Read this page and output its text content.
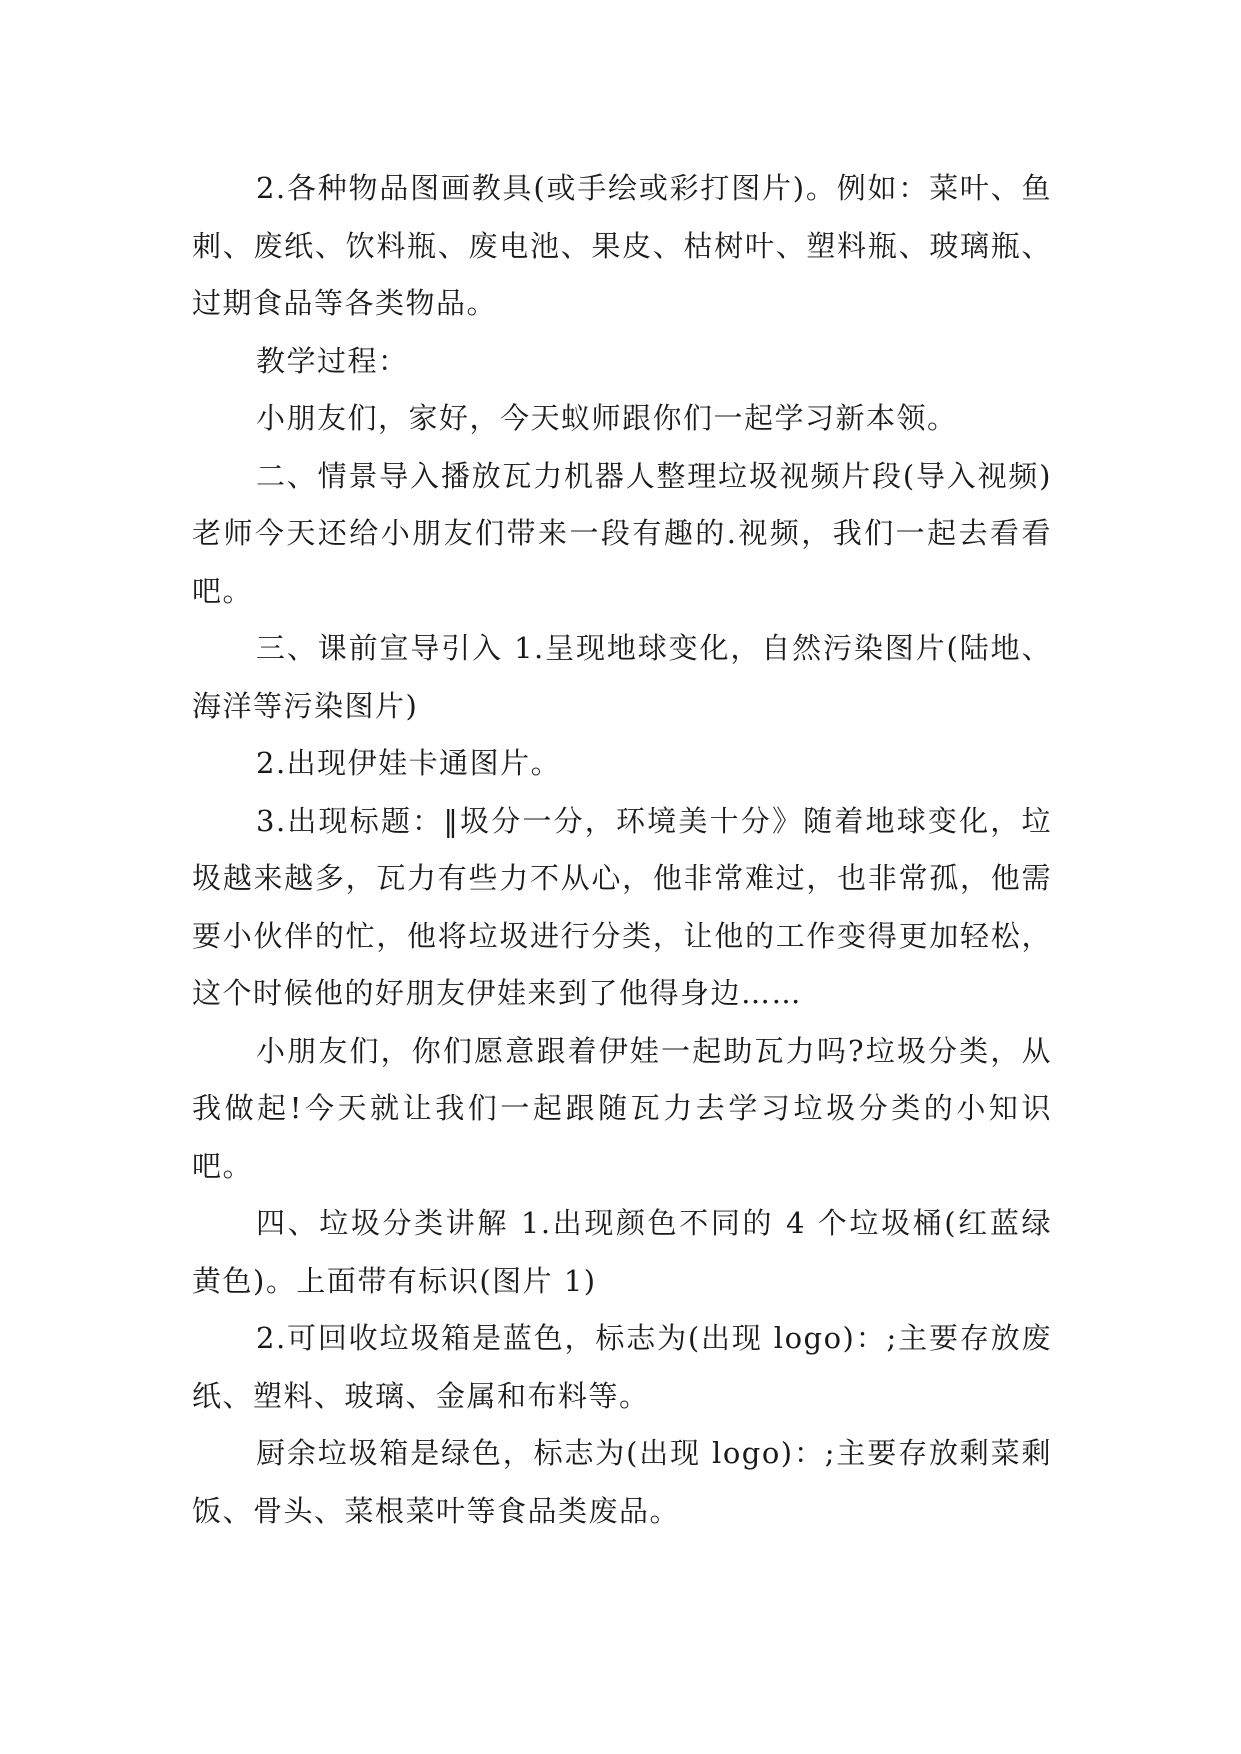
2.各种物品图画教具(或手绘或彩打图片)。例如：菜叶、鱼刺、废纸、饮料瓶、废电池、果皮、枯树叶、塑料瓶、玻璃瓶、过期食品等各类物品。

教学过程：

小朋友们，家好，今天蚁师跟你们一起学习新本领。

二、情景导入播放瓦力机器人整理垃圾视频片段(导入视频)老师今天还给小朋友们带来一段有趣的.视频，我们一起去看看吧。

三、课前宣导引入 1.呈现地球变化，自然污染图片(陆地、海洋等污染图片)

2.出现伊娃卡通图片。

3.出现标题：‖圾分一分，环境美十分》随着地球变化，垃圾越来越多，瓦力有些力不从心，他非常难过，也非常孤，他需要小伙伴的忙，他将垃圾进行分类，让他的工作变得更加轻松，这个时候他的好朋友伊娃来到了他得身边……

小朋友们，你们愿意跟着伊娃一起助瓦力吗?垃圾分类，从我做起!今天就让我们一起跟随瓦力去学习垃圾分类的小知识吧。

四、垃圾分类讲解 1.出现颜色不同的 4 个垃圾桶(红蓝绿黄色)。上面带有标识(图片 1)

2.可回收垃圾箱是蓝色，标志为(出现 logo)：;主要存放废纸、塑料、玻璃、金属和布料等。

厨余垃圾箱是绿色，标志为(出现 logo)：;主要存放剩菜剩饭、骨头、菜根菜叶等食品类废品。
